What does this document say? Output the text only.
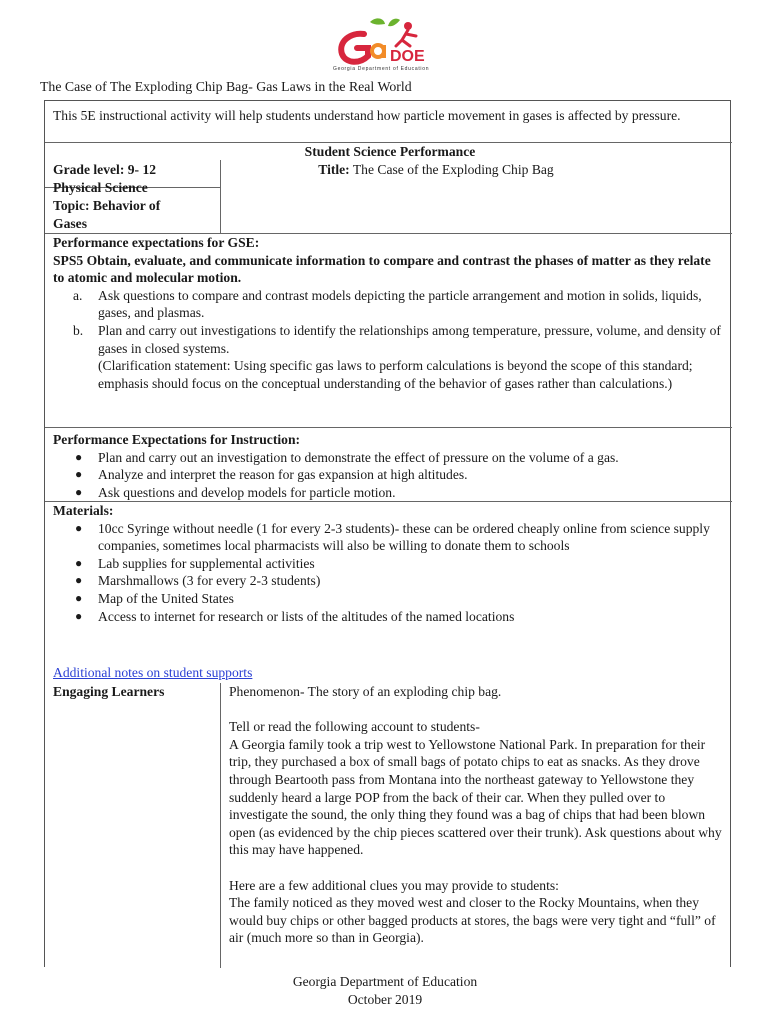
DOE
Georgia Department of Education
The Case of The Exploding Chip Bag- Gas Laws in the Real World
This 5E instructional activity will help students understand how particle movement in gases is affected by pressure.
Student Science Performance
Grade level: 9- 12
Physical Science
Topic: Behavior of Gases
Title: The Case of the Exploding Chip Bag
Performance expectations for GSE:
SPS5 Obtain, evaluate, and communicate information to compare and contrast the phases of matter as they relate to atomic and molecular motion.
a. Ask questions to compare and contrast models depicting the particle arrangement and motion in solids, liquids, gases, and plasmas.
b. Plan and carry out investigations to identify the relationships among temperature, pressure, volume, and density of gases in closed systems.
(Clarification statement: Using specific gas laws to perform calculations is beyond the scope of this standard; emphasis should focus on the conceptual understanding of the behavior of gases rather than calculations.)
Performance Expectations for Instruction:
● Plan and carry out an investigation to demonstrate the effect of pressure on the volume of a gas.
● Analyze and interpret the reason for gas expansion at high altitudes.
● Ask questions and develop models for particle motion.
Materials:
● 10cc Syringe without needle (1 for every 2-3 students)- these can be ordered cheaply online from science supply companies, sometimes local pharmacists will also be willing to donate them to schools
● Lab supplies for supplemental activities
● Marshmallows (3 for every 2-3 students)
● Map of the United States
● Access to internet for research or lists of the altitudes of the named locations
Additional notes on student supports
Engaging Learners	Phenomenon- The story of an exploding chip bag.
Tell or read the following account to students-
A Georgia family took a trip west to Yellowstone National Park. In preparation for their trip, they purchased a box of small bags of potato chips to eat as snacks. As they drove through Beartooth pass from Montana into the northeast gateway to Yellowstone they suddenly heard a large POP from the back of their car. When they pulled over to investigate the sound, the only thing they found was a bag of chips that had been blown open (as evidenced by the chip pieces scattered over their trunk). Ask questions about why this may have happened.
Here are a few additional clues you may provide to students:
The family noticed as they moved west and closer to the Rocky Mountains, when they would buy chips or other bagged products at stores, the bags were very tight and “full” of air (much more so than in Georgia).
Georgia Department of Education
October 2019
